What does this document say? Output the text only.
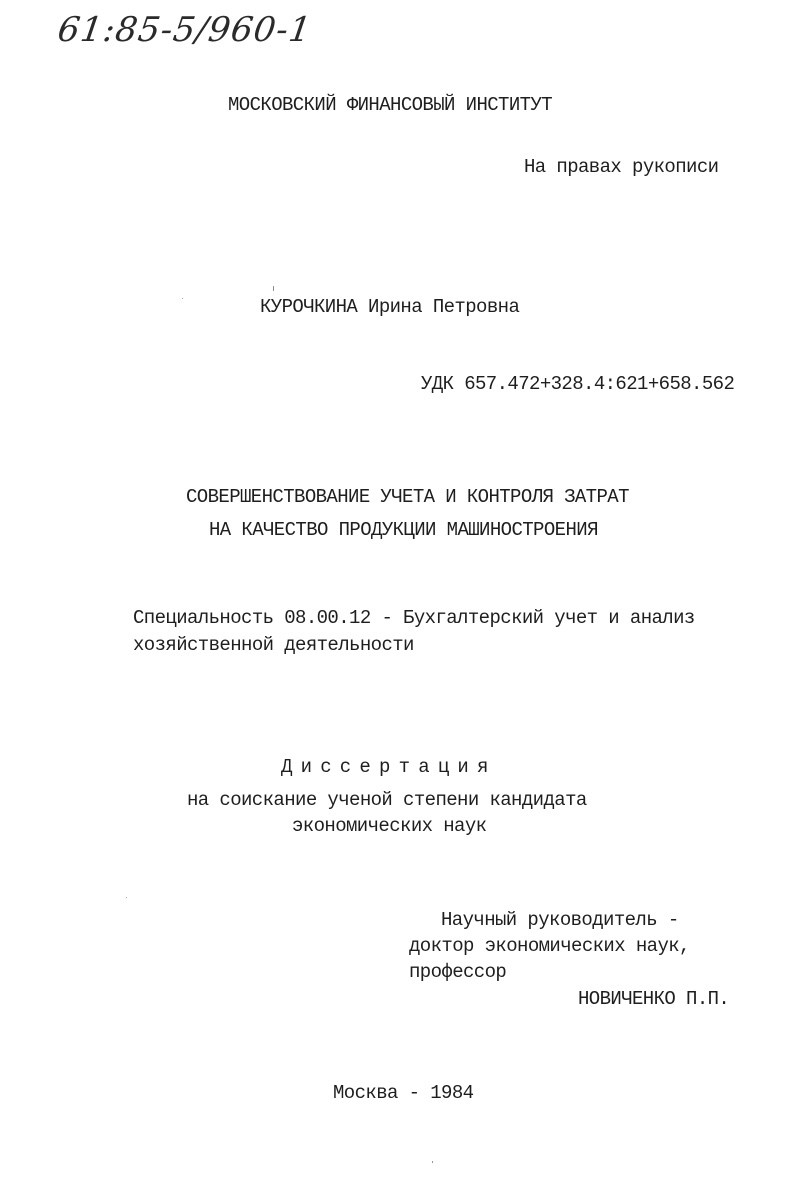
61:85-5/960-1
МОСКОВСКИЙ ФИНАНСОВЫЙ ИНСТИТУТ
На правах рукописи
КУРОЧКИНА Ирина Петровна
УДК 657.472+328.4:621+658.562
СОВЕРШЕНСТВОВАНИЕ УЧЕТА И КОНТРОЛЯ ЗАТРАТ
НА КАЧЕСТВО ПРОДУКЦИИ МАШИНОСТРОЕНИЯ
Специальность 08.00.12 - Бухгалтерский учет и анализ
хозяйственной деятельности
Диссертация
на соискание ученой степени кандидата
экономических наук
Научный руководитель -
доктор экономических наук,
профессор
НОВИЧЕНКО П.П.
Москва - 1984
